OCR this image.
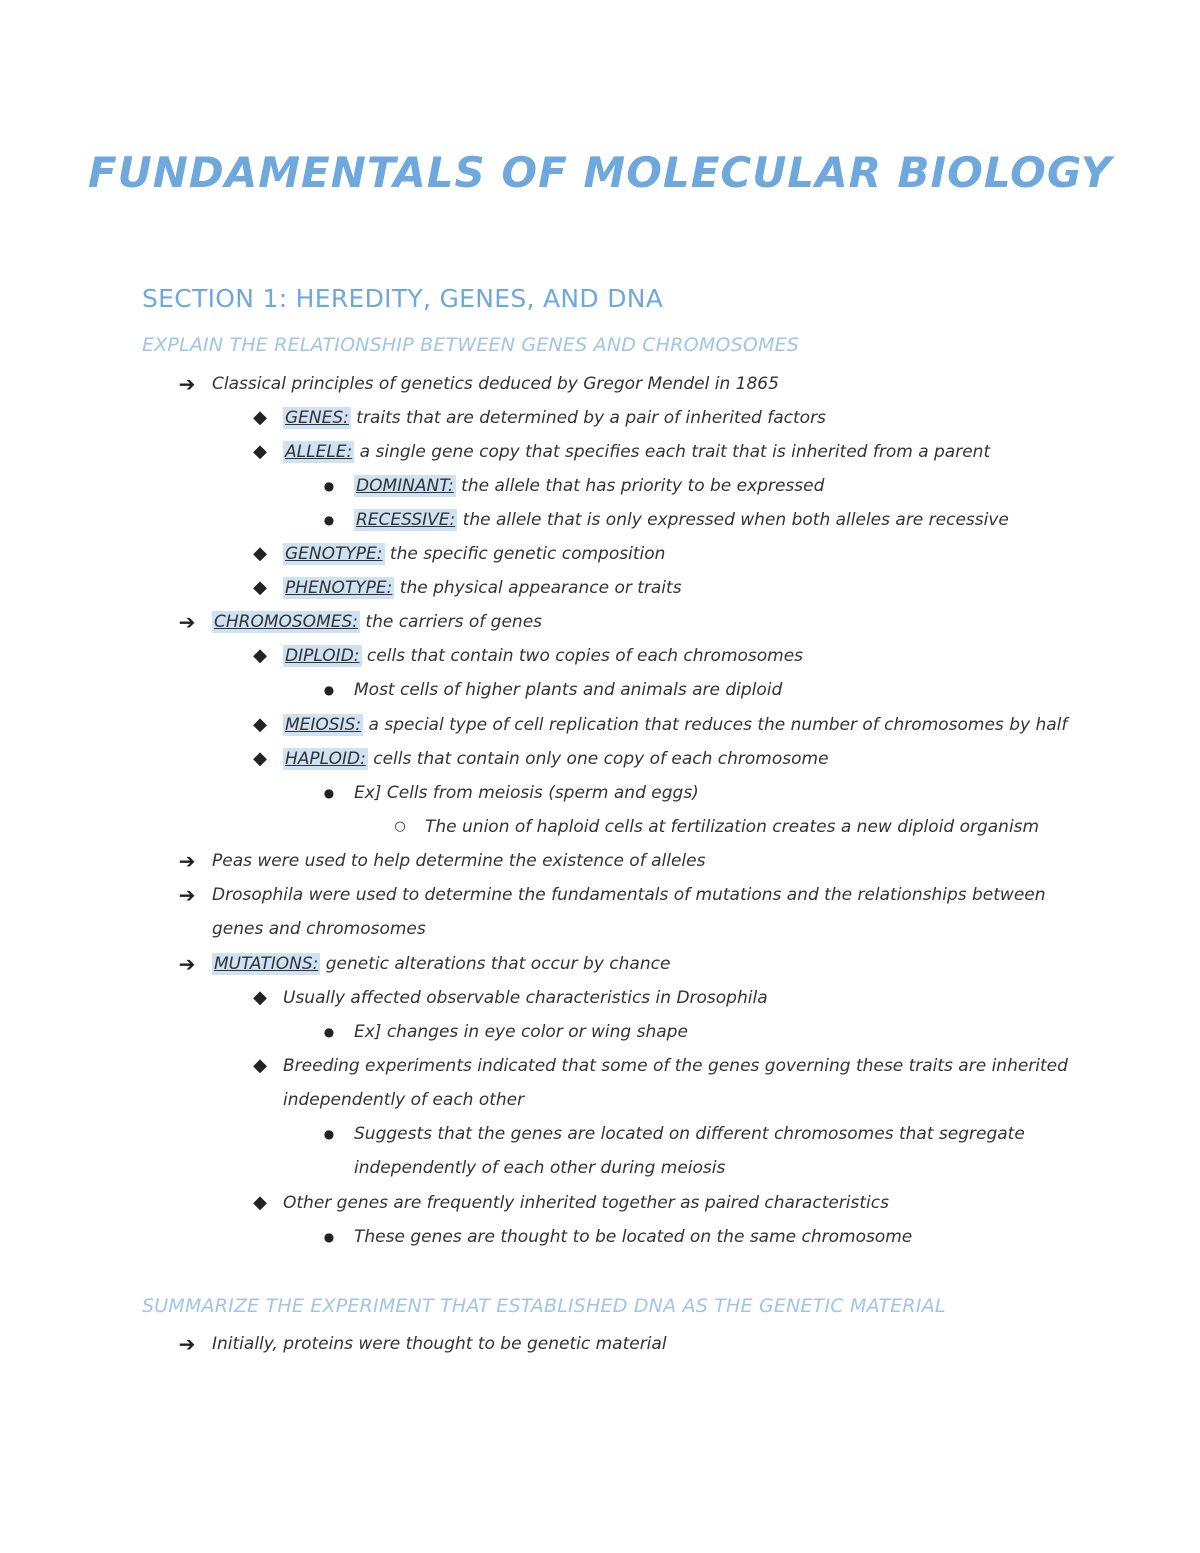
FUNDAMENTALS OF MOLECULAR BIOLOGY
SECTION 1: HEREDITY, GENES, AND DNA
EXPLAIN THE RELATIONSHIP BETWEEN GENES AND CHROMOSOMES
➔ Classical principles of genetics deduced by Gregor Mendel in 1865
◆	GENES: traits that are determined by a pair of inherited factors
◆	ALLELE: a single gene copy that specifies each trait that is inherited from a parent
●	DOMINANT: the allele that has priority to be expressed
●	RECESSIVE: the allele that is only expressed when both alleles are recessive
◆	GENOTYPE: the specific genetic composition
◆	PHENOTYPE: the physical appearance or traits
➔	CHROMOSOMES: the carriers of genes
◆	DIPLOID: cells that contain two copies of each chromosomes
●	Most cells of higher plants and animals are diploid
◆	MEIOSIS: a special type of cell replication that reduces the number of chromosomes by half
◆	HAPLOID: cells that contain only one copy of each chromosome
●	Ex] Cells from meiosis (sperm and eggs)
○	The union of haploid cells at fertilization creates a new diploid organism
➔ Peas were used to help determine the existence of alleles
➔ Drosophila were used to determine the fundamentals of mutations and the relationships between
genes and chromosomes
➔	MUTATIONS: genetic alterations that occur by chance
◆ Usually affected observable characteristics in Drosophila
●	Ex] changes in eye color or wing shape
◆ Breeding experiments indicated that some of the genes governing these traits are inherited
independently of each other
●	Suggests that the genes are located on different chromosomes that segregate
independently of each other during meiosis
◆ Other genes are frequently inherited together as paired characteristics
●	These genes are thought to be located on the same chromosome
SUMMARIZE THE EXPERIMENT THAT ESTABLISHED DNA AS THE GENETIC MATERIAL
➔ Initially, proteins were thought to be genetic material
